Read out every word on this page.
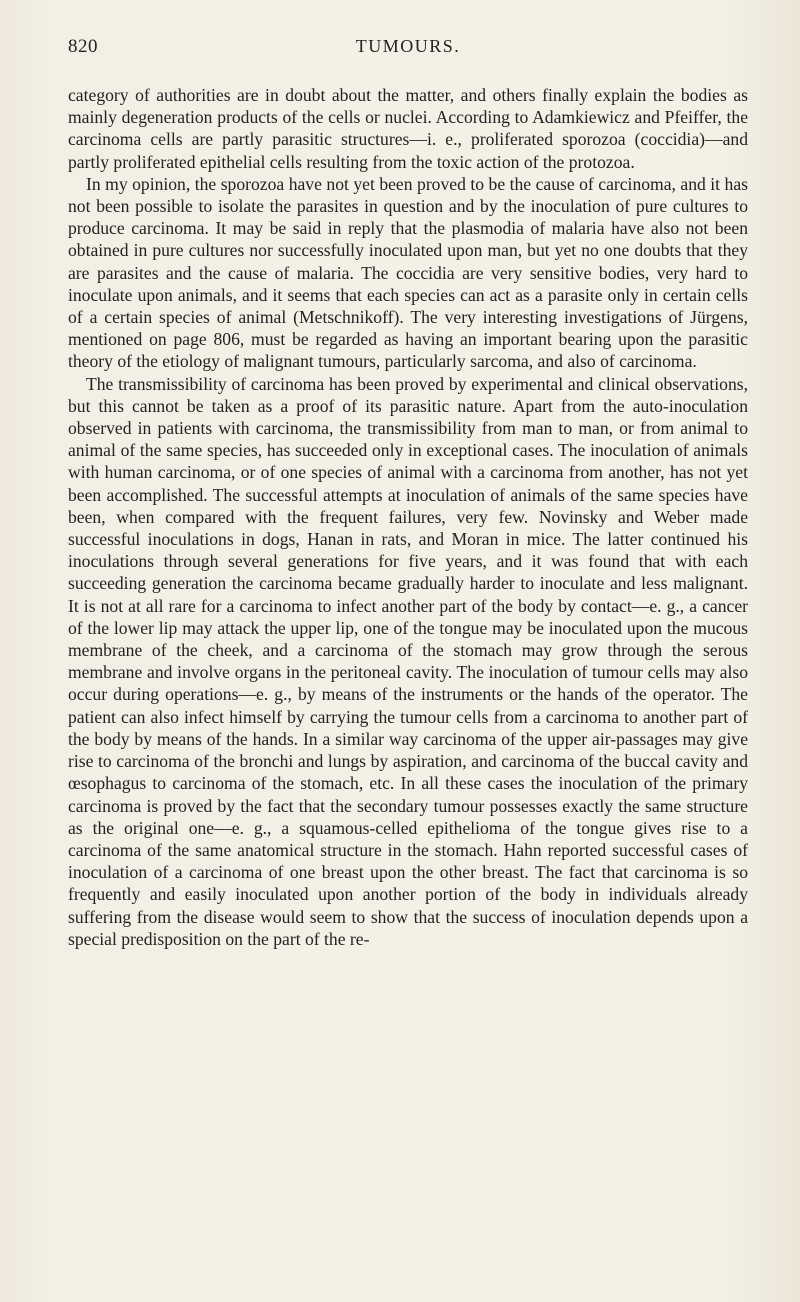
820	TUMOURS.

category of authorities are in doubt about the matter, and others finally explain the bodies as mainly degeneration products of the cells or nuclei. According to Adamkiewicz and Pfeiffer, the carcinoma cells are partly parasitic structures—i. e., proliferated sporozoa (coccidia)—and partly proliferated epithelial cells resulting from the toxic action of the protozoa.

In my opinion, the sporozoa have not yet been proved to be the cause of carcinoma, and it has not been possible to isolate the parasites in question and by the inoculation of pure cultures to produce carcinoma. It may be said in reply that the plasmodia of malaria have also not been obtained in pure cultures nor successfully inoculated upon man, but yet no one doubts that they are parasites and the cause of malaria. The coccidia are very sensitive bodies, very hard to inoculate upon animals, and it seems that each species can act as a parasite only in certain cells of a certain species of animal (Metschnikoff). The very interesting investigations of Jürgens, mentioned on page 806, must be regarded as having an important bearing upon the parasitic theory of the etiology of malignant tumours, particularly sarcoma, and also of carcinoma.

The transmissibility of carcinoma has been proved by experimental and clinical observations, but this cannot be taken as a proof of its parasitic nature. Apart from the auto-inoculation observed in patients with carcinoma, the transmissibility from man to man, or from animal to animal of the same species, has succeeded only in exceptional cases. The inoculation of animals with human carcinoma, or of one species of animal with a carcinoma from another, has not yet been accomplished. The successful attempts at inoculation of animals of the same species have been, when compared with the frequent failures, very few. Novinsky and Weber made successful inoculations in dogs, Hanan in rats, and Moran in mice. The latter continued his inoculations through several generations for five years, and it was found that with each succeeding generation the carcinoma became gradually harder to inoculate and less malignant. It is not at all rare for a carcinoma to infect another part of the body by contact—e. g., a cancer of the lower lip may attack the upper lip, one of the tongue may be inoculated upon the mucous membrane of the cheek, and a carcinoma of the stomach may grow through the serous membrane and involve organs in the peritoneal cavity. The inoculation of tumour cells may also occur during operations—e. g., by means of the instruments or the hands of the operator. The patient can also infect himself by carrying the tumour cells from a carcinoma to another part of the body by means of the hands. In a similar way carcinoma of the upper air-passages may give rise to carcinoma of the bronchi and lungs by aspiration, and carcinoma of the buccal cavity and œsophagus to carcinoma of the stomach, etc. In all these cases the inoculation of the primary carcinoma is proved by the fact that the secondary tumour possesses exactly the same structure as the original one—e. g., a squamous-celled epithelioma of the tongue gives rise to a carcinoma of the same anatomical structure in the stomach. Hahn reported successful cases of inoculation of a carcinoma of one breast upon the other breast. The fact that carcinoma is so frequently and easily inoculated upon another portion of the body in individuals already suffering from the disease would seem to show that the success of inoculation depends upon a special predisposition on the part of the re-
